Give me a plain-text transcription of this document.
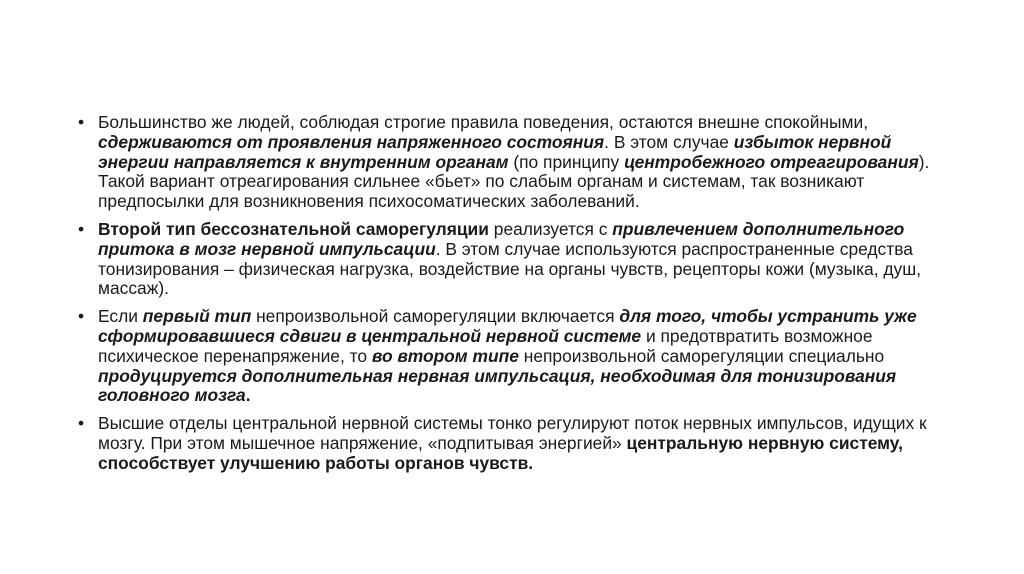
• Большинство же людей, соблюдая строгие правила поведения, остаются внешне спокойными, сдерживаются от проявления напряженного состояния. В этом случае избыток нервной энергии направляется к внутренним органам (по принципу центробежного отреагирования). Такой вариант отреагирования сильнее «бьет» по слабым органам и системам, так возникают предпосылки для возникновения психосоматических заболеваний.
• Второй тип бессознательной саморегуляции реализуется с привлечением дополнительного притока в мозг нервной импульсации. В этом случае используются распространенные средства тонизирования – физическая нагрузка, воздействие на органы чувств, рецепторы кожи (музыка, душ, массаж).
• Если первый тип непроизвольной саморегуляции включается для того, чтобы устранить уже сформировавшиеся сдвиги в центральной нервной системе и предотвратить возможное психическое перенапряжение, то во втором типе непроизвольной саморегуляции специально продуцируется дополнительная нервная импульсация, необходимая для тонизирования головного мозга.
• Высшие отделы центральной нервной системы тонко регулируют поток нервных импульсов, идущих к мозгу. При этом мышечное напряжение, «подпитывая энергией» центральную нервную систему, способствует улучшению работы органов чувств.
